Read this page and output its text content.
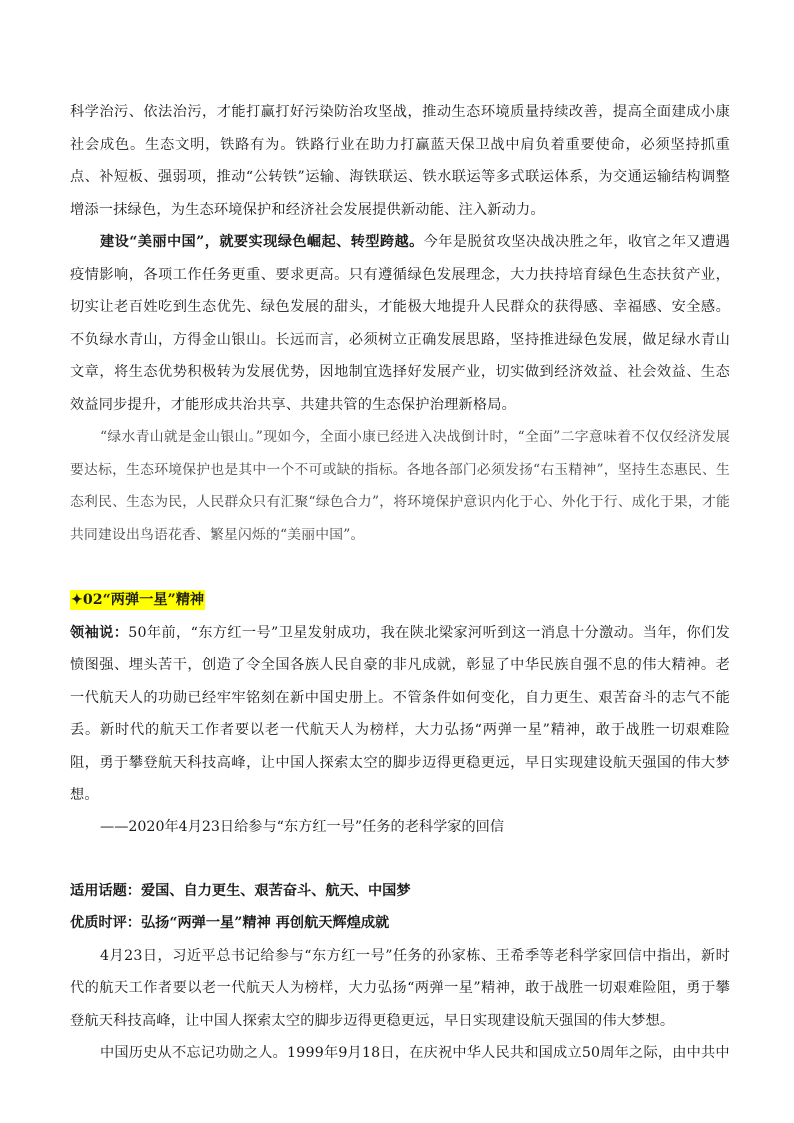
科学治污、依法治污，才能打赢打好污染防治攻坚战，推动生态环境质量持续改善，提高全面建成小康社会成色。生态文明，铁路有为。铁路行业在助力打赢蓝天保卫战中肩负着重要使命，必须坚持抓重点、补短板、强弱项，推动“公转铁”运输、海铁联运、铁水联运等多式联运体系，为交通运输结构调整增添一抹绿色，为生态环境保护和经济社会发展提供新动能、注入新动力。

建设“美丽中国”，就要实现绿色崛起、转型跨越。今年是脱贫攻坚决战决胜之年，收官之年又遭遇疫情影响，各项工作任务更重、要求更高。只有遵循绿色发展理念，大力扶持培育绿色生态扶贫产业，切实让老百姓吃到生态优先、绿色发展的甜头，才能极大地提升人民群众的获得感、幸福感、安全感。不负绿水青山，方得金山银山。长远而言，必须树立正确发展思路，坚持推进绿色发展，做足绿水青山文章，将生态优势积极转为发展优势，因地制宜选择好发展产业，切实做到经济效益、社会效益、生态效益同步提升，才能形成共治共享、共建共管的生态保护治理新格局。

“绿水青山就是金山银山。”现如今，全面小康已经进入决战倒计时，“全面”二字意味着不仅仅经济发展要达标，生态环境保护也是其中一个不可或缺的指标。各地各部门必须发扬“右玉精神”，坚持生态惠民、生态利民、生态为民，人民群众只有汇聚“绿色合力”，将环境保护意识内化于心、外化于行、成化于果，才能共同建设出鸟语花香、繁星闪烁的“美丽中国”。

✦02“两弹一星”精神

领袖说：50年前，“东方红一号”卫星发射成功，我在陕北梁家河听到这一消息十分激动。当年，你们发愤图强、埋头苦干，创造了令全国各族人民自豪的非凡成就，彰显了中华民族自强不息的伟大精神。老一代航天人的功勋已经牢牢铭刻在新中国史册上。不管条件如何变化，自力更生、艰苦奋斗的志气不能丢。新时代的航天工作者要以老一代航天人为榜样，大力弘扬“两弹一星”精神，敢于战胜一切艰难险阻，勇于攀登航天科技高峰，让中国人探索太空的脚步迈得更稳更远，早日实现建设航天强国的伟大梦想。

——2020年4月23日给参与“东方红一号”任务的老科学家的回信

适用话题：爱国、自力更生、艰苦奋斗、航天、中国梦

优质时评：弘扬“两弹一星”精神 再创航天辉煌成就

4月23日，习近平总书记给参与“东方红一号”任务的孙家栋、王希季等老科学家回信中指出，新时代的航天工作者要以老一代航天人为榜样，大力弘扬“两弹一星”精神，敢于战胜一切艰难险阻，勇于攀登航天科技高峰，让中国人探索太空的脚步迈得更稳更远，早日实现建设航天强国的伟大梦想。

中国历史从不忘记功勋之人。1999年9月18日，在庆祝中华人民共和国成立50周年之际，由中共中
